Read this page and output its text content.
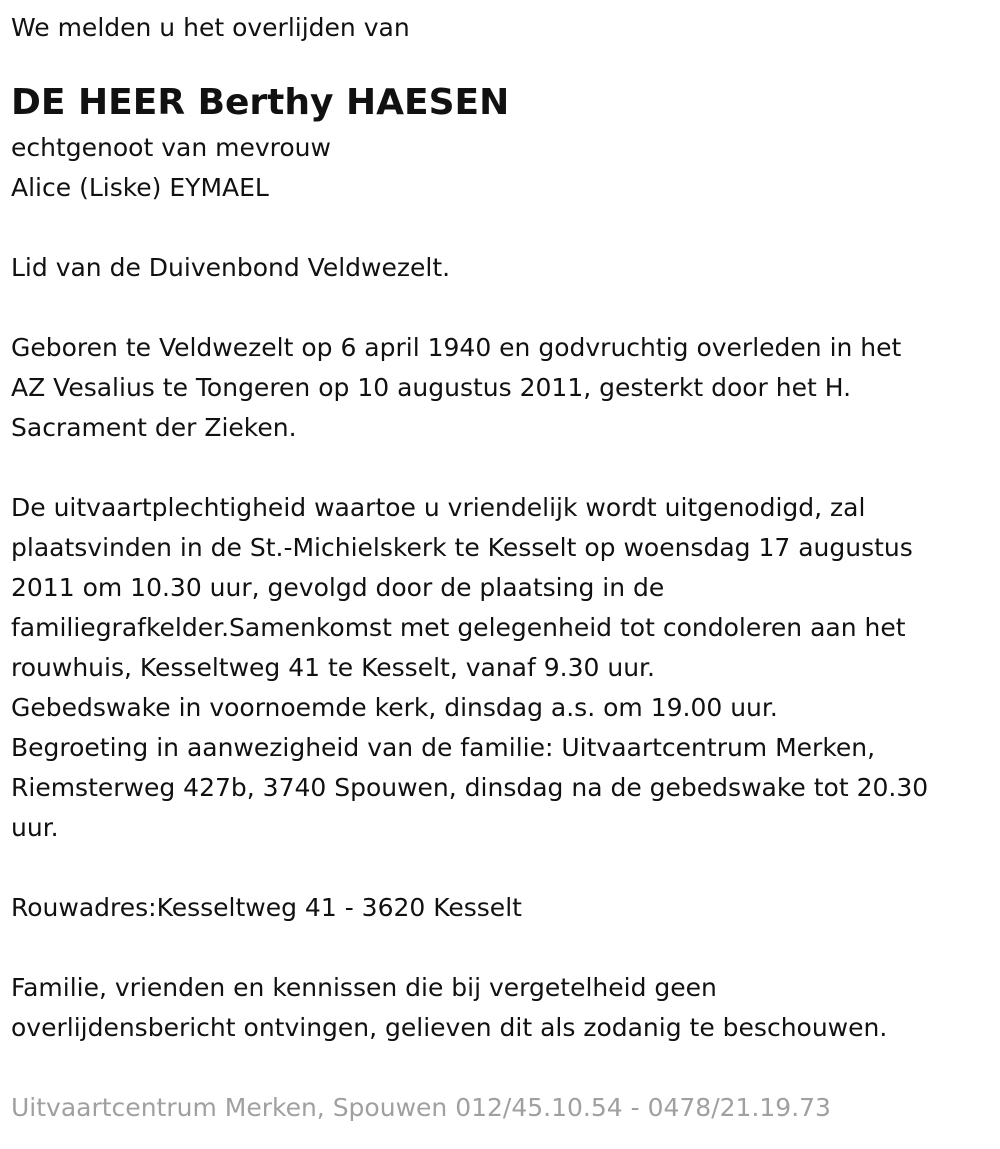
We melden u het overlijden van
DE HEER Berthy HAESEN
echtgenoot van mevrouw
Alice (Liske) EYMAEL
Lid van de Duivenbond Veldwezelt.
Geboren te Veldwezelt op 6 april 1940 en godvruchtig overleden in het
AZ Vesalius te Tongeren op 10 augustus 2011, gesterkt door het H.
Sacrament der Zieken.
De uitvaartplechtigheid waartoe u vriendelijk wordt uitgenodigd, zal
plaatsvinden in de St.-Michielskerk te Kesselt op woensdag 17 augustus
2011 om 10.30 uur, gevolgd door de plaatsing in de
familiegrafkelder.Samenkomst met gelegenheid tot condoleren aan het
rouwhuis, Kesseltweg 41 te Kesselt, vanaf 9.30 uur.
Gebedswake in voornoemde kerk, dinsdag a.s. om 19.00 uur.
Begroeting in aanwezigheid van de familie: Uitvaartcentrum Merken,
Riemsterweg 427b, 3740 Spouwen, dinsdag na de gebedswake tot 20.30
uur.
Rouwadres:Kesseltweg 41 - 3620 Kesselt
Familie, vrienden en kennissen die bij vergetelheid geen
overlijdensbericht ontvingen, gelieven dit als zodanig te beschouwen.
Uitvaartcentrum Merken, Spouwen 012/45.10.54 - 0478/21.19.73
